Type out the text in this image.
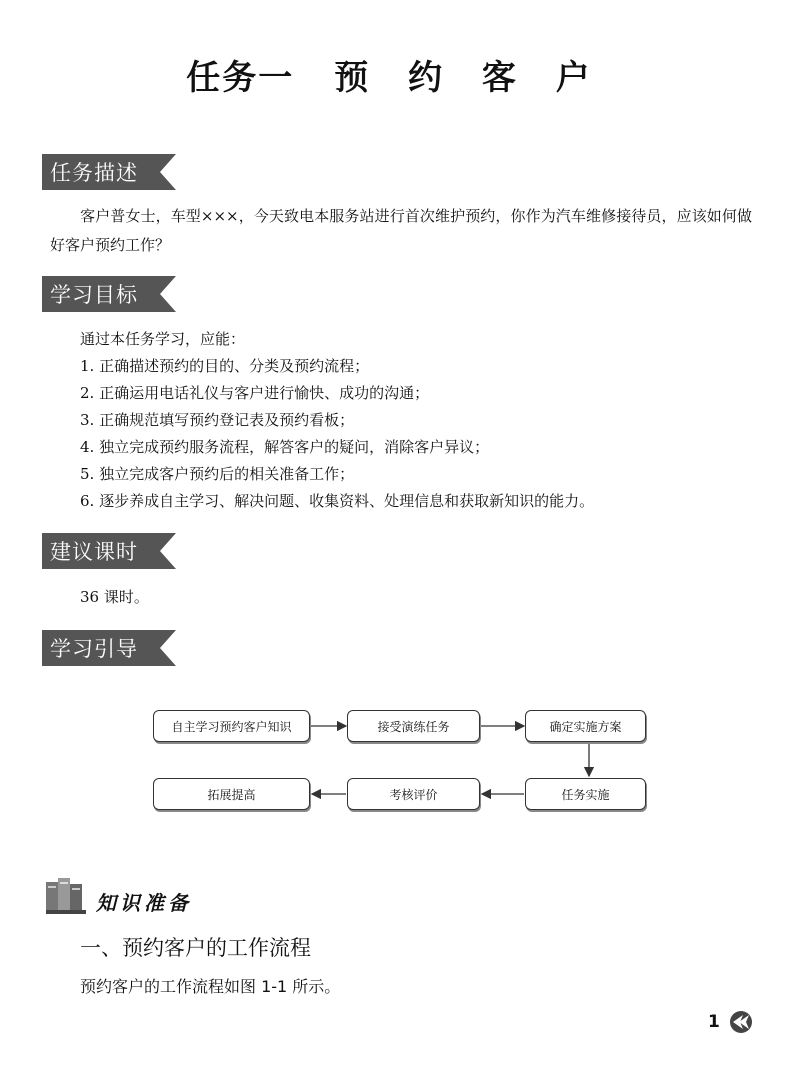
任务一 预 约 客 户
任务描述
客户普女士，车型×××，今天致电本服务站进行首次维护预约，你作为汽车维修接待员，应该如何做好客户预约工作？
学习目标
通过本任务学习，应能：
1. 正确描述预约的目的、分类及预约流程；
2. 正确运用电话礼仪与客户进行愉快、成功的沟通；
3. 正确规范填写预约登记表及预约看板；
4. 独立完成预约服务流程，解答客户的疑问，消除客户异议；
5. 独立完成客户预约后的相关准备工作；
6. 逐步养成自主学习、解决问题、收集资料、处理信息和获取新知识的能力。
建议课时
36 课时。
学习引导
自主学习预约客户知识	接受演练任务	确定实施方案
任务实施
考核评价
拓展提高
知识准备
一、预约客户的工作流程
预约客户的工作流程如图 1-1 所示。
1
